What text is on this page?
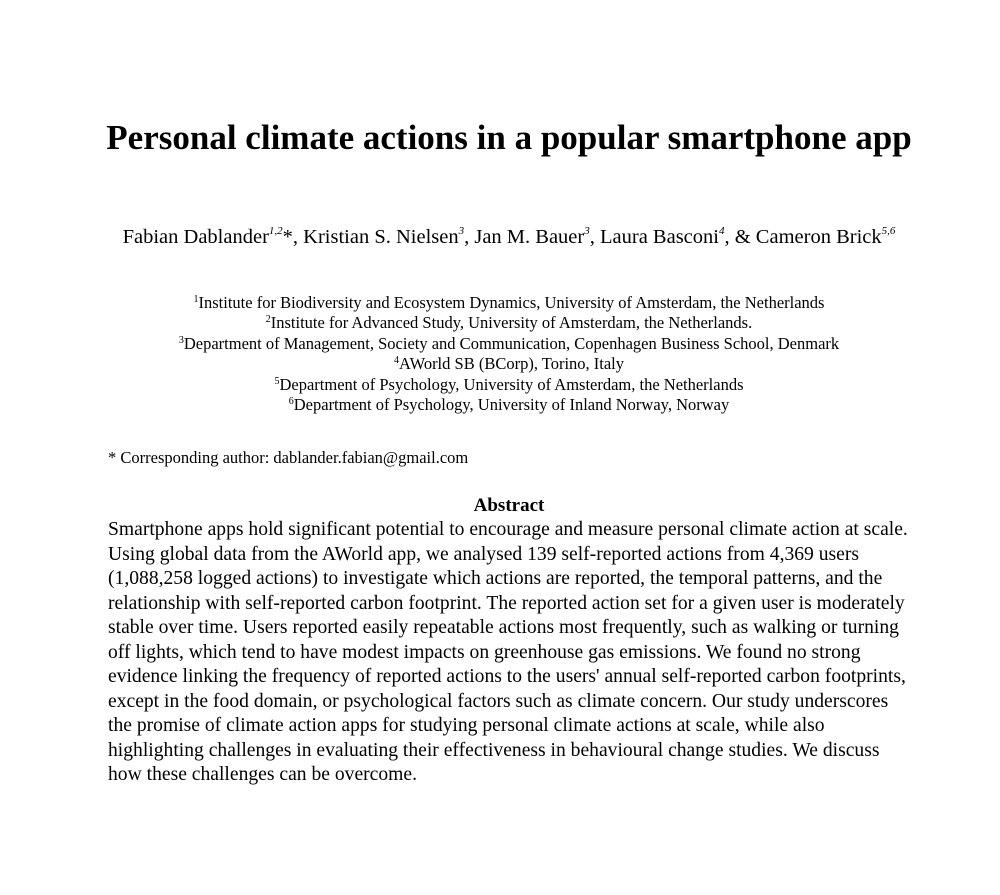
Personal climate actions in a popular smartphone app

Fabian Dablander$^{1,2}$*, Kristian S. Nielsen$^3$, Jan M. Bauer$^3$, Laura Basconi$^4$, & Cameron Brick$^{5,6}$

$^1$Institute for Biodiversity and Ecosystem Dynamics, University of Amsterdam, the Netherlands
$^2$Institute for Advanced Study, University of Amsterdam, the Netherlands.
$^3$Department of Management, Society and Communication, Copenhagen Business School, Denmark
$^4$AWorld SB (BCorp), Torino, Italy
$^5$Department of Psychology, University of Amsterdam, the Netherlands
$^6$Department of Psychology, University of Inland Norway, Norway

* Corresponding author: dablander.fabian@gmail.com

Abstract

Smartphone apps hold significant potential to encourage and measure personal climate action at scale. Using global data from the AWorld app, we analysed 139 self-reported actions from 4,369 users (1,088,258 logged actions) to investigate which actions are reported, the temporal patterns, and the relationship with self-reported carbon footprint. The reported action set for a given user is moderately stable over time. Users reported easily repeatable actions most frequently, such as walking or turning off lights, which tend to have modest impacts on greenhouse gas emissions. We found no strong evidence linking the frequency of reported actions to the users' annual self-reported carbon footprints, except in the food domain, or psychological factors such as climate concern. Our study underscores the promise of climate action apps for studying personal climate actions at scale, while also highlighting challenges in evaluating their effectiveness in behavioural change studies. We discuss how these challenges can be overcome.
